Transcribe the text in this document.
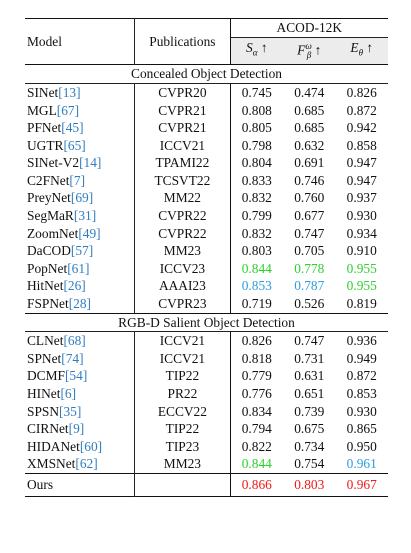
Model	Publications	ACOD-12K		
		$S_\alpha$ ↑	$F^\omega_\beta$ ↑	$E_\theta$ ↑
Concealed Object Detection				
SINet[13]	CVPR20	0.745	0.474	0.826
MGL[67]	CVPR21	0.808	0.685	0.872
PFNet[45]	CVPR21	0.805	0.685	0.942
UGTR[65]	ICCV21	0.798	0.632	0.858
SINet-V2[14]	TPAMI22	0.804	0.691	0.947
C2FNet[7]	TCSVT22	0.833	0.746	0.947
PreyNet[69]	MM22	0.832	0.760	0.937
SegMaR[31]	CVPR22	0.799	0.677	0.930
ZoomNet[49]	CVPR22	0.832	0.747	0.934
DaCOD[57]	MM23	0.803	0.705	0.910
PopNet[61]	ICCV23	0.844	0.778	0.955
HitNet[26]	AAAI23	0.853	0.787	0.955
FSPNet[28]	CVPR23	0.719	0.526	0.819
RGB-D Salient Object Detection				
CLNet[68]	ICCV21	0.826	0.747	0.936
SPNet[74]	ICCV21	0.818	0.731	0.949
DCMF[54]	TIP22	0.779	0.631	0.872
HINet[6]	PR22	0.776	0.651	0.853
SPSN[35]	ECCV22	0.834	0.739	0.930
CIRNet[9]	TIP22	0.794	0.675	0.865
HIDANet[60]	TIP23	0.822	0.734	0.950
XMSNet[62]	MM23	0.844	0.754	0.961
Ours		0.866	0.803	0.967
